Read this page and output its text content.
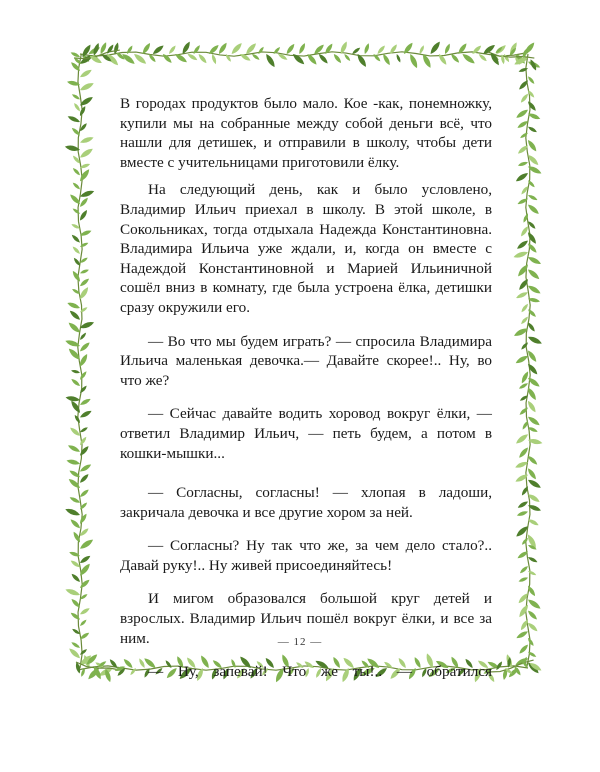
В городах продуктов было мало. Кое -как, понемножку, купили мы на собранные между собой деньги всё, что нашли для детишек, и отправили в школу, чтобы дети вместе с учительницами приготовили ёлку.

На следующий день, как и было условлено, Владимир Ильич приехал в школу. В этой школе, в Сокольниках, тогда отдыхала Надежда Константиновна. Владимира Ильича уже ждали, и, когда он вместе с Надеждой Константиновной и Марией Ильиничной сошёл вниз в комнату, где была устроена ёлка, детишки сразу окружили его.

— Во что мы будем играть? — спросила Владимира Ильича маленькая девочка.— Давайте скорее!.. Ну, во что же?

— Сейчас давайте водить хоровод вокруг ёлки, — ответил Владимир Ильич, — петь будем, а потом в кошки-мышки...

— Согласны, согласны! — хлопая в ладоши, закричала девочка и все другие хором за ней.

— Согласны? Ну так что же, за чем дело стало?.. Давай руку!.. Ну живей присоединяйтесь!

И мигом образовался большой круг детей и взрослых. Владимир Ильич пошёл вокруг ёлки, и все за ним.

— Ну, запевай! Что же ты!.. — обратился

— 12 —
